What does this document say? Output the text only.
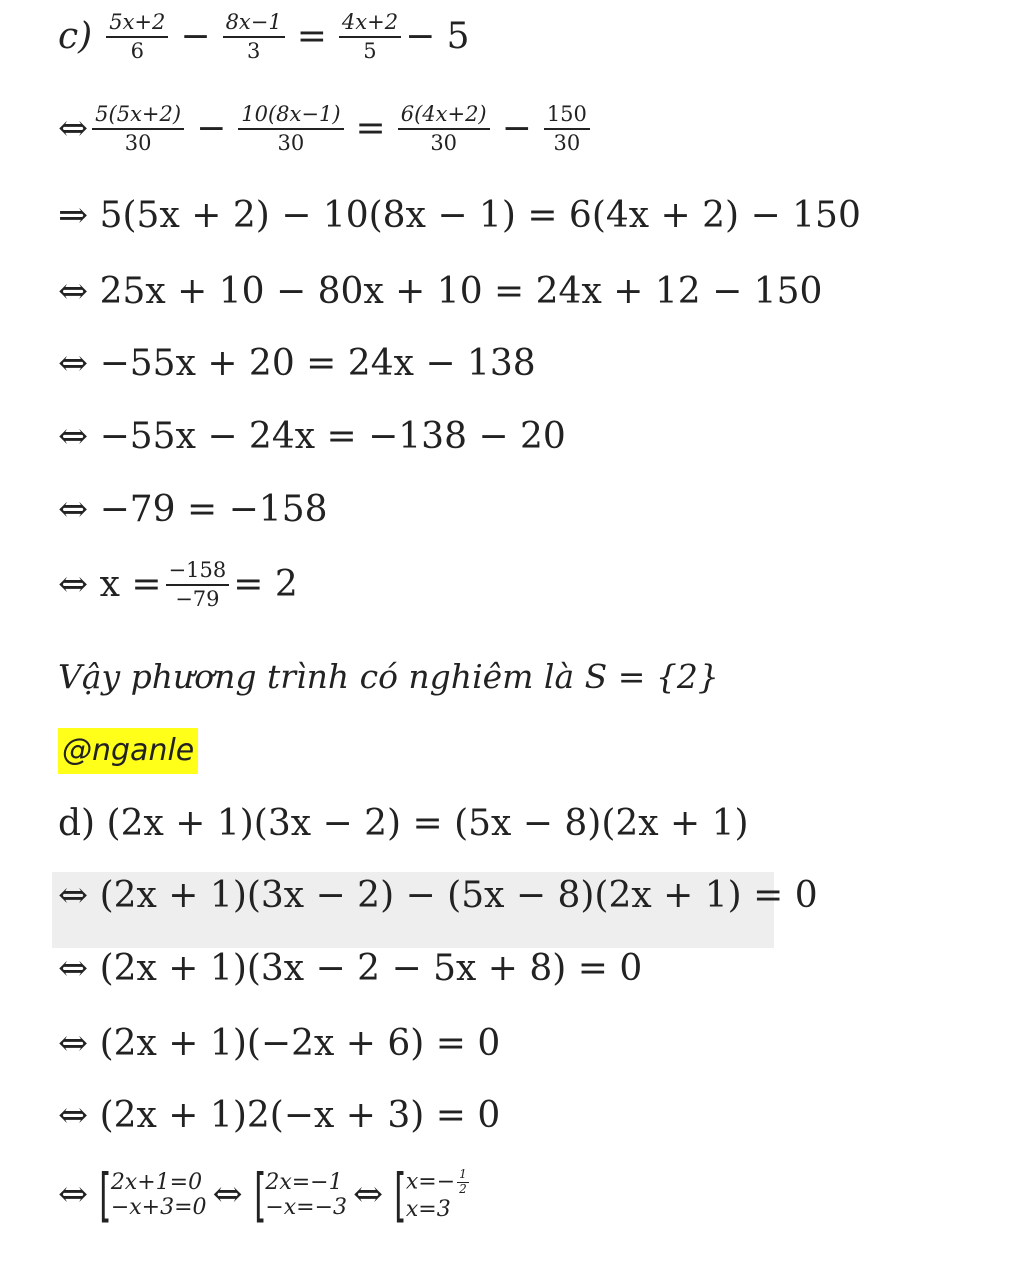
$c) \frac{5x+2}{6} - \frac{8x-1}{3} = \frac{4x+2}{5} - 5$
⇔ $\frac{5(5x+2)}{30} - \frac{10(8x-1)}{30} = \frac{6(4x+2)}{30} - \frac{150}{30}$
⇒ 5(5x + 2) − 10(8x − 1) = 6(4x + 2) − 150
⇔ 25x + 10 − 80x + 10 = 24x + 12 − 150
⇔ −55x + 20 = 24x − 138
⇔ −55x − 24x = −138 − 20
⇔ −79 = −158
⇔ $x = \frac{-158}{-79} = 2$
Vậy phương trình có nghiêm là S = {2}
@nganle
d) (2x + 1)(3x − 2) = (5x − 8)(2x + 1)
⇔ (2x + 1)(3x − 2) − (5x − 8)(2x + 1) = 0
⇔ (2x + 1)(3x − 2 − 5x + 8) = 0
⇔ (2x + 1)(−2x + 6) = 0
⇔ (2x + 1)2(−x + 3) = 0
⇔ [ 2x+1=0
−x+3=0 ⇔ [ 2x=−1
−x=−3 ⇔ [ $x=- \frac{1}{2}$
x=3
